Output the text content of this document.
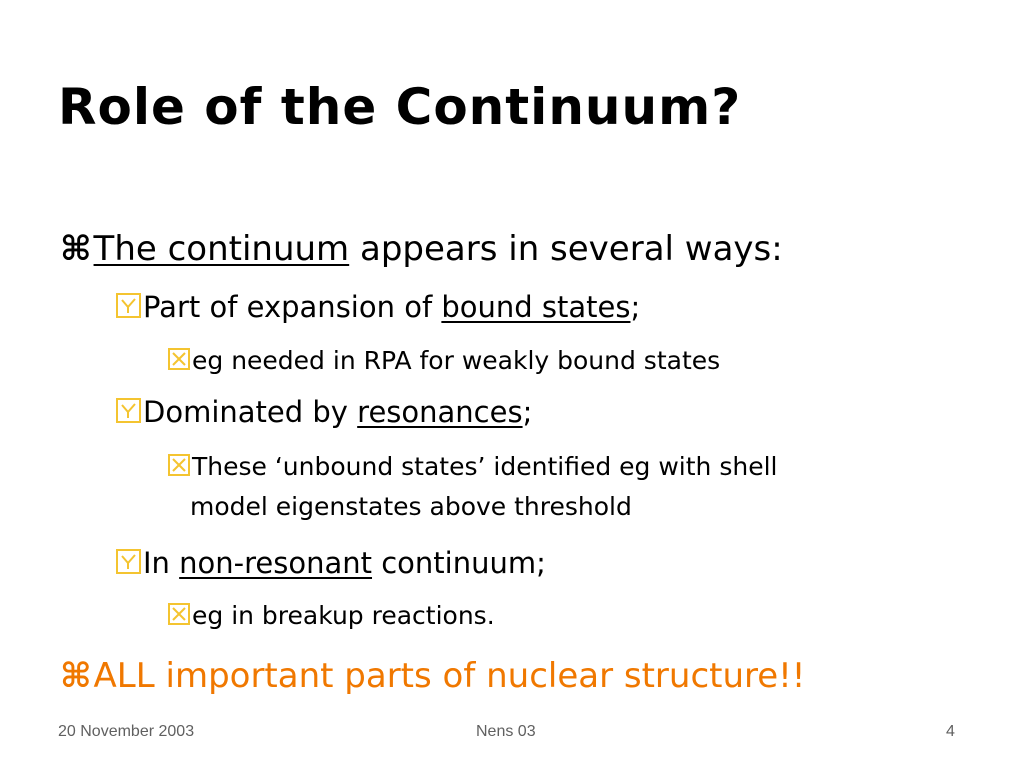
Role of the Continuum?
⌘The continuum appears in several ways:
Part of expansion of bound states;
eg needed in RPA for weakly bound states
Dominated by resonances;
These ‘unbound states’ identified eg with shell
model eigenstates above threshold
In non-resonant continuum;
eg in breakup reactions.
⌘ALL important parts of nuclear structure!!
20 November 2003	Nens 03	4
